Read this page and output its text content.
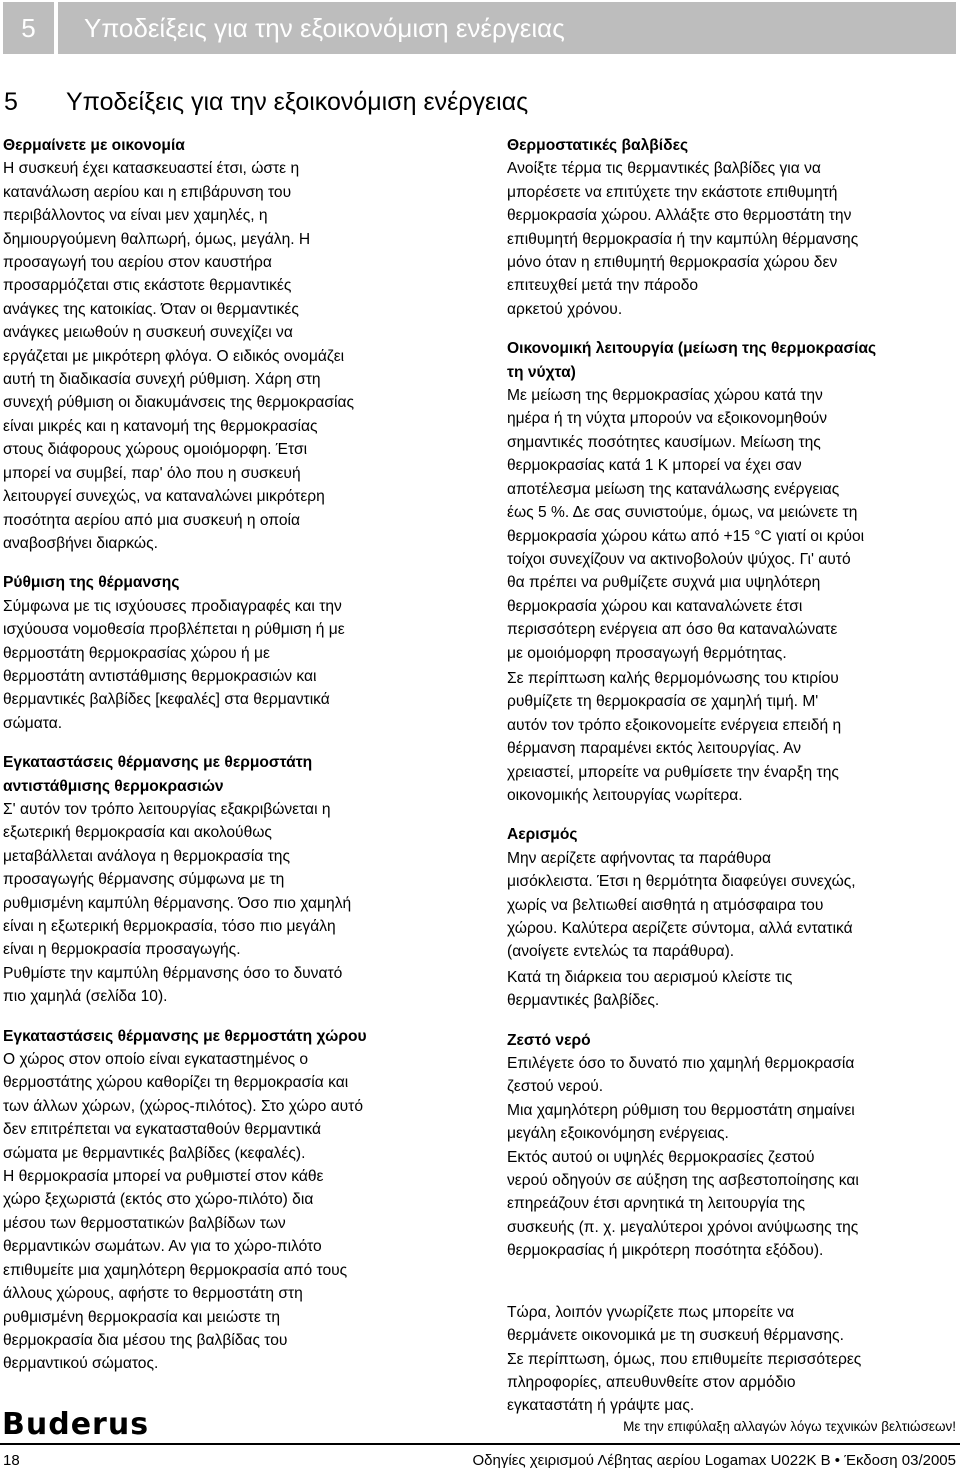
5	Υποδείξεις για την εξοικονόμιση ενέργειας
5 Υποδείξεις για την εξοικονόμιση ενέργειας
Θερμαίνετε με οικονομία

Η συσκευή έχει κατασκευαστεί έτσι, ώστε η
κατανάλωση αερίου και η επιβάρυνση του
περιβάλλοντος να είναι μεν χαμηλές, η
δημιουργούμενη θαλπωρή, όμως, μεγάλη. Η
προσαγωγή του αερίου στον καυστήρα
προσαρμόζεται στις εκάστοτε θερμαντικές
ανάγκες της κατοικίας. Όταν οι θερμαντικές
ανάγκες μειωθούν η συσκευή συνεχίζει να
εργάζεται με μικρότερη φλόγα. Ο ειδικός ονομάζει
αυτή τη διαδικασία συνεχή ρύθμιση. Χάρη στη
συνεχή ρύθμιση οι διακυμάνσεις της θερμοκρασίας
είναι μικρές και η κατανομή της θερμοκρασίας
στους διάφορους χώρους ομοιόμορφη. Έτσι
μπορεί να συμβεί, παρ' όλο που η συσκευή
λειτουργεί συνεχώς, να καταναλώνει μικρότερη
ποσότητα αερίου από μια συσκευή η οποία
αναβοσβήνει διαρκώς.

Ρύθμιση της θέρμανσης

Σύμφωνα με τις ισχύουσες προδιαγραφές και την
ισχύουσα νομοθεσία προβλέπεται η ρύθμιση ή με
θερμοστάτη θερμοκρασίας χώρου ή με
θερμοστάτη αντιστάθμισης θερμοκρασιών και
θερμαντικές βαλβίδες [κεφαλές] στα θερμαντικά
σώματα.

Εγκαταστάσεις θέρμανσης με θερμοστάτη
αντιστάθμισης θερμοκρασιών

Σ' αυτόν τον τρόπο λειτουργίας εξακριβώνεται η
εξωτερική θερμοκρασία και ακολούθως
μεταβάλλεται ανάλογα η θερμοκρασία της
προσαγωγής θέρμανσης σύμφωνα με τη
ρυθμισμένη καμπύλη θέρμανσης. Όσο πιο χαμηλή
είναι η εξωτερική θερμοκρασία, τόσο πιο μεγάλη
είναι η θερμοκρασία προσαγωγής.
Ρυθμίστε την καμπύλη θέρμανσης όσο το δυνατό
πιο χαμηλά (σελίδα 10).

Εγκαταστάσεις θέρμανσης με θερμοστάτη χώρου

Ο χώρος στον οποίο είναι εγκαταστημένος ο
θερμοστάτης χώρου καθορίζει τη θερμοκρασία και
των άλλων χώρων, (χώρος-πιλότος). Στο χώρο αυτό
δεν επιτρέπεται να εγκατασταθούν θερμαντικά
σώματα με θερμαντικές βαλβίδες (κεφαλές).
Η θερμοκρασία μπορεί να ρυθμιστεί στον κάθε
χώρο ξεχωριστά (εκτός στο χώρο-πιλότο) δια
μέσου των θερμοστατικών βαλβίδων των
θερμαντικών σωμάτων. Αν για το χώρο-πιλότο
επιθυμείτε μια χαμηλότερη θερμοκρασία από τους
άλλους χώρους, αφήστε το θερμοστάτη στη
ρυθμισμένη θερμοκρασία και μειώστε τη
θερμοκρασία δια μέσου της βαλβίδας του
θερμαντικού σώματος.

Θερμοστατικές βαλβίδες

Ανοίξτε τέρμα τις θερμαντικές βαλβίδες για να
μπορέσετε να επιτύχετε την εκάστοτε επιθυμητή
θερμοκρασία χώρου. Αλλάξτε στο θερμοστάτη την
επιθυμητή θερμοκρασία ή την καμπύλη θέρμανσης
μόνο όταν η επιθυμητή θερμοκρασία χώρου δεν
επιτευχθεί μετά την πάροδο
αρκετού χρόνου.

Οικονομική λειτουργία (μείωση της θερμοκρασίας
τη νύχτα)

Με μείωση της θερμοκρασίας χώρου κατά την
ημέρα ή τη νύχτα μπορούν να εξοικονομηθούν
σημαντικές ποσότητες καυσίμων. Μείωση της
θερμοκρασίας κατά 1 K μπορεί να έχει σαν
αποτέλεσμα μείωση της κατανάλωσης ενέργειας
έως 5 %. Δε σας συνιστούμε, όμως, να μειώνετε τη
θερμοκρασία χώρου κάτω από +15 °C γιατί οι κρύοι
τοίχοι συνεχίζουν να ακτινοβολούν ψύχος. Γι' αυτό
θα πρέπει να ρυθμίζετε συχνά μια υψηλότερη
θερμοκρασία χώρου και καταναλώνετε έτσι
περισσότερη ενέργεια απ όσο θα καταναλώνατε
με ομοιόμορφη προσαγωγή θερμότητας.

Σε περίπτωση καλής θερμομόνωσης του κτιρίου
ρυθμίζετε τη θερμοκρασία σε χαμηλή τιμή. Μ'
αυτόν τον τρόπο εξοικονομείτε ενέργεια επειδή η
θέρμανση παραμένει εκτός λειτουργίας. Αν
χρειαστεί, μπορείτε να ρυθμίσετε την έναρξη της
οικονομικής λειτουργίας νωρίτερα.

Αερισμός

Μην αερίζετε αφήνοντας τα παράθυρα
μισόκλειστα. Έτσι η θερμότητα διαφεύγει συνεχώς,
χωρίς να βελτιωθεί αισθητά η ατμόσφαιρα του
χώρου. Καλύτερα αερίζετε σύντομα, αλλά εντατικά
(ανοίγετε εντελώς τα παράθυρα).

Κατά τη διάρκεια του αερισμού κλείστε τις
θερμαντικές βαλβίδες.

Ζεστό νερό

Επιλέγετε όσο το δυνατό πιο χαμηλή θερμοκρασία
ζεστού νερού.
Μια χαμηλότερη ρύθμιση του θερμοστάτη σημαίνει
μεγάλη εξοικονόμηση ενέργειας.
Εκτός αυτού οι υψηλές θερμοκρασίες ζεστού
νερού οδηγούν σε αύξηση της ασβεστοποίησης και
επηρεάζουν έτσι αρνητικά τη λειτουργία της
συσκευής (π. χ. μεγαλύτεροι χρόνοι ανύψωσης της
θερμοκρασίας ή μικρότερη ποσότητα εξόδου).

Τώρα, λοιπόν γνωρίζετε πως μπορείτε να
θερμάνετε οικονομικά με τη συσκευή θέρμανσης.
Σε περίπτωση, όμως, που επιθυμείτε περισσότερες
πληροφορίες, απευθυνθείτε στον αρμόδιο
εγκαταστάτη ή γράψτε μας.

Buderus	Με την επιφύλαξη αλλαγών λόγω τεχνικών βελτιώσεων!
18	Οδηγίες χειρισμού Λέβητας αερίου Logamax U022K B • Έκδοση 03/2005
